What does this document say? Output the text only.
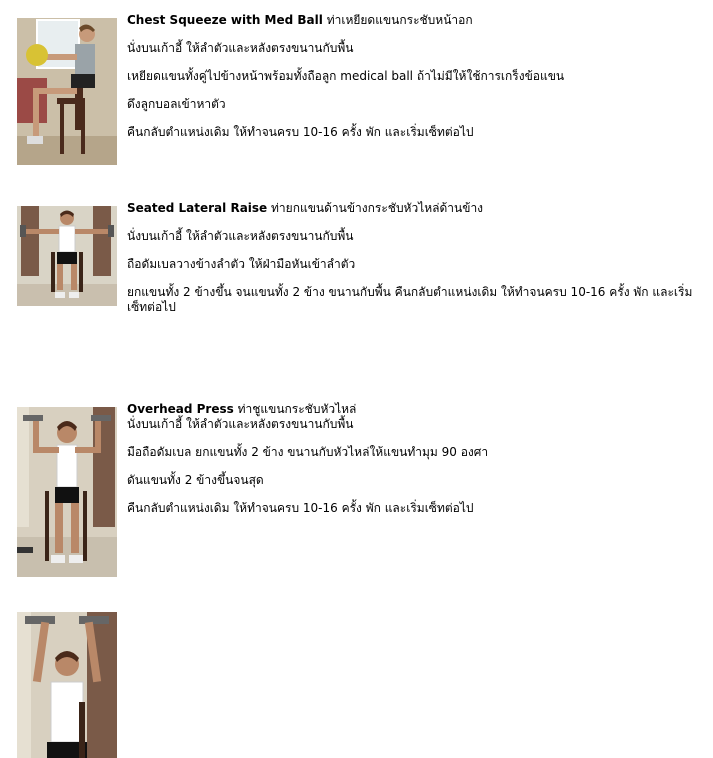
Chest Squeeze with Med Ball ท่าเหยียดแขนกระชับหน้าอก

นั่งบนเก้าอี้ ให้ลำตัวและหลังตรงขนานกับพื้น

เหยียดแขนทั้งคู่ไปข้างหน้าพร้อมทั้งถือลูก medical ball ถ้าไม่มีให้ใช้การเกร็งข้อแขน

ดึงลูกบอลเข้าหาตัว

คืนกลับตำแหน่งเดิม ให้ทำจนครบ 10-16 ครั้ง พัก และเริ่มเซ็ทต่อไป

Seated Lateral Raise ท่ายกแขนด้านข้างกระชับหัวไหล่ด้านข้าง

นั่งบนเก้าอี้ ให้ลำตัวและหลังตรงขนานกับพื้น

ถือดัมเบลวางข้างลำตัว ให้ฝ่ามือหันเข้าลำตัว

ยกแขนทั้ง 2 ข้างขึ้น จนแขนทั้ง 2 ข้าง ขนานกับพื้น คืนกลับตำแหน่งเดิม ให้ทำจนครบ 10-16 ครั้ง พัก และเริ่มเซ็ทต่อไป

Overhead Press ท่าชูแขนกระชับหัวไหล่

นั่งบนเก้าอี้ ให้ลำตัวและหลังตรงขนานกับพื้น

มือถือดัมเบล ยกแขนทั้ง 2 ข้าง ขนานกับหัวไหล่ให้แขนทำมุม 90 องศา

ดันแขนทั้ง 2 ข้างขึ้นจนสุด

คืนกลับตำแหน่งเดิม ให้ทำจนครบ 10-16 ครั้ง พัก และเริ่มเซ็ทต่อไป
